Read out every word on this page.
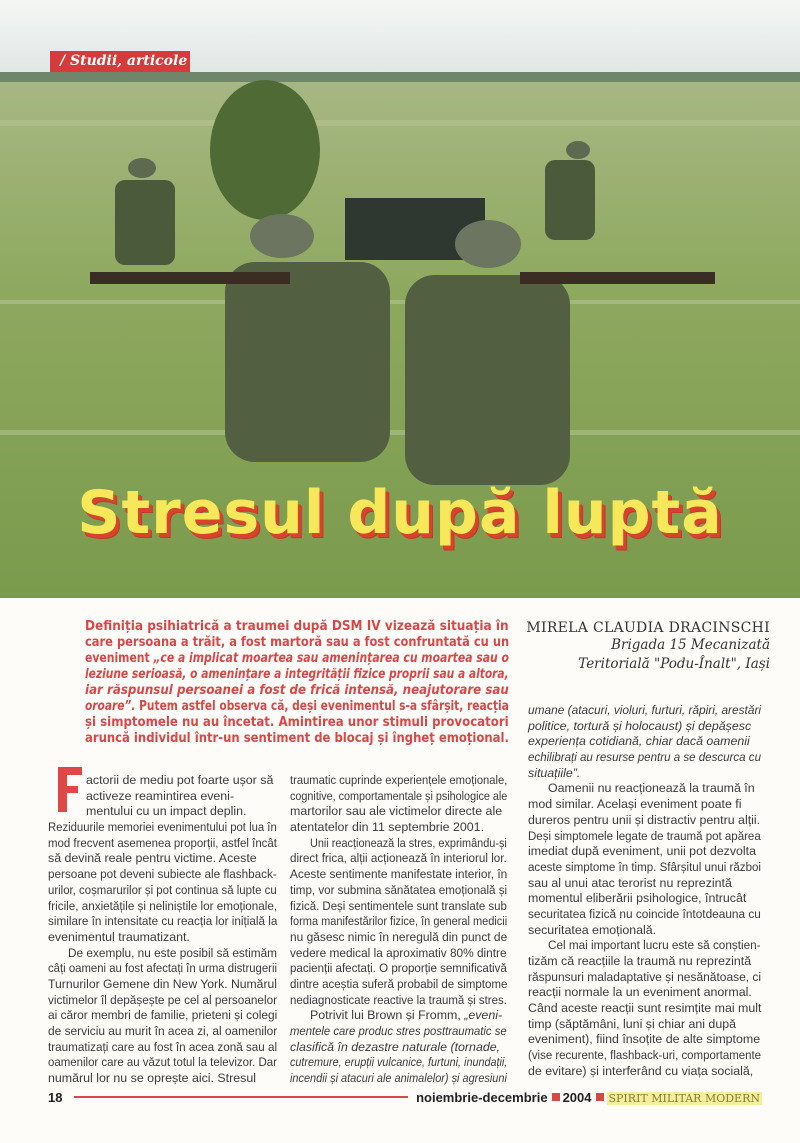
/ Studii, articole
Stresul după luptă
Definiția psihiatrică a traumei după DSM IV vizează situația în
care persoana a trăit, a fost martoră sau a fost confruntată cu un
eveniment „ce a implicat moartea sau amenințarea cu moartea sau o
leziune serioasă, o amenințare a integrității fizice proprii sau a altora,
iar răspunsul persoanei a fost de frică intensă, neajutorare sau
oroare”. Putem astfel observa că, deși evenimentul s-a sfârșit, reacția
și simptomele nu au încetat. Amintirea unor stimuli provocatori
aruncă individul într-un sentiment de blocaj și îngheț emoțional.
MIRELA CLAUDIA DRACINSCHI
Brigada 15 Mecanizată
Teritorială "Podu-Înalt", Iași
actorii de mediu pot foarte ușor să
activeze reamintirea eveni-
mentului cu un impact deplin.
Reziduurile memoriei evenimentului pot lua în
mod frecvent asemenea proporții, astfel încât
să devină reale pentru victime. Aceste
persoane pot deveni subiecte ale flashback-
urilor, coșmarurilor și pot continua să lupte cu
fricile, anxietățile și neliniștile lor emoționale,
similare în intensitate cu reacția lor inițială la
evenimentul traumatizant.
De exemplu, nu este posibil să estimăm
câți oameni au fost afectați în urma distrugerii
Turnurilor Gemene din New York. Numărul
victimelor îl depășește pe cel al persoanelor
ai căror membri de familie, prieteni și colegi
de serviciu au murit în acea zi, al oamenilor
traumatizați care au fost în acea zonă sau al
oamenilor care au văzut totul la televizor. Dar
numărul lor nu se oprește aici. Stresul
traumatic cuprinde experiențele emoționale,
cognitive, comportamentale și psihologice ale
martorilor sau ale victimelor directe ale
atentatelor din 11 septembrie 2001.
Unii reacționează la stres, exprimându-și
direct frica, alții acționează în interiorul lor.
Aceste sentimente manifestate interior, în
timp, vor submina sănătatea emoțională și
fizică. Deși sentimentele sunt translate sub
forma manifestărilor fizice, în general medicii
nu găsesc nimic în neregulă din punct de
vedere medical la aproximativ 80% dintre
pacienții afectați. O proporție semnificativă
dintre aceștia suferă probabil de simptome
nediagnosticate reactive la traumă și stres.
Potrivit lui Brown și Fromm, „eveni-
mentele care produc stres posttraumatic se
clasifică în dezastre naturale (tornade,
cutremure, erupții vulcanice, furtuni, inundații,
incendii și atacuri ale animalelor) și agresiuni
umane (atacuri, violuri, furturi, răpiri, arestări
politice, tortură și holocaust) și depășesc
experiența cotidiană, chiar dacă oamenii
echilibrați au resurse pentru a se descurca cu
situațiile”.
Oamenii nu reacționează la traumă în
mod similar. Același eveniment poate fi
dureros pentru unii și distractiv pentru alții.
Deși simptomele legate de traumă pot apărea
imediat după eveniment, unii pot dezvolta
aceste simptome în timp. Sfârșitul unui război
sau al unui atac terorist nu reprezintă
momentul eliberării psihologice, întrucât
securitatea fizică nu coincide întotdeauna cu
securitatea emoțională.
Cel mai important lucru este să conștien-
tizăm că reacțiile la traumă nu reprezintă
răspunsuri maladaptative și nesănătoase, ci
reacții normale la un eveniment anormal.
Când aceste reacții sunt resimțite mai mult
timp (săptămâni, luni și chiar ani după
eveniment), fiind însoțite de alte simptome
(vise recurente, flashback-uri, comportamente
de evitare) și interferând cu viața socială,
18	noiembrie-decembrie 2004 SPIRIT MILITAR MODERN
